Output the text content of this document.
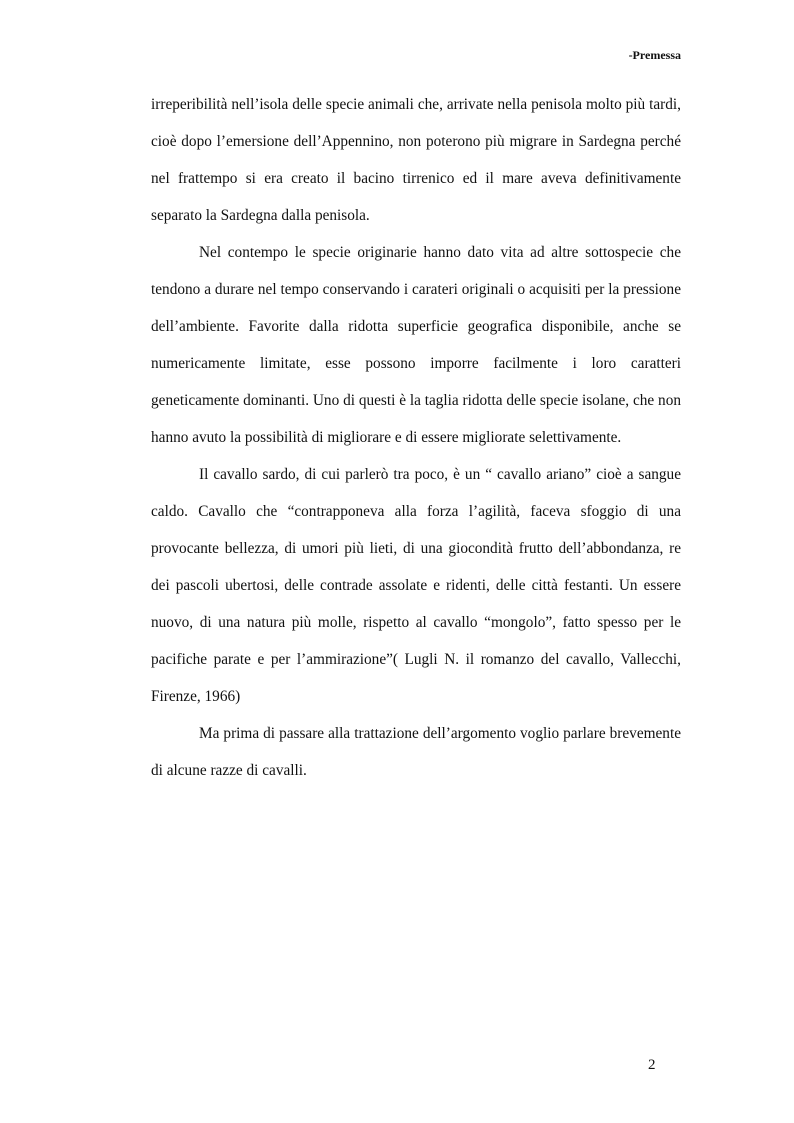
-Premessa

irreperibilità nell’isola delle specie animali che, arrivate nella penisola molto più tardi, cioè dopo l’emersione dell’Appennino, non poterono più migrare in Sardegna perché nel frattempo si era creato il bacino tirrenico ed il mare aveva definitivamente separato la Sardegna dalla penisola.

Nel contempo le specie originarie hanno dato vita ad altre sottospecie che tendono a durare nel tempo conservando i carateri originali o acquisiti per la pressione dell’ambiente. Favorite dalla ridotta superficie geografica disponibile, anche se numericamente limitate, esse possono imporre facilmente i loro caratteri geneticamente dominanti. Uno di questi è la taglia ridotta delle specie isolane, che non hanno avuto la possibilità di migliorare e di essere migliorate selettivamente.

Il cavallo sardo, di cui parlerò tra poco, è un “ cavallo ariano” cioè a sangue caldo. Cavallo che “contrapponeva alla forza l’agilità, faceva sfoggio di una provocante bellezza, di umori più lieti, di una giocondità frutto dell’abbondanza, re dei pascoli ubertosi, delle contrade assolate e ridenti, delle città festanti. Un essere nuovo, di una natura più molle, rispetto al cavallo “mongolo”, fatto spesso per le pacifiche parate e per l’ammirazione”( Lugli N. il romanzo del cavallo, Vallecchi, Firenze, 1966)

Ma prima di passare alla trattazione dell’argomento voglio parlare brevemente di alcune razze di cavalli.

2
